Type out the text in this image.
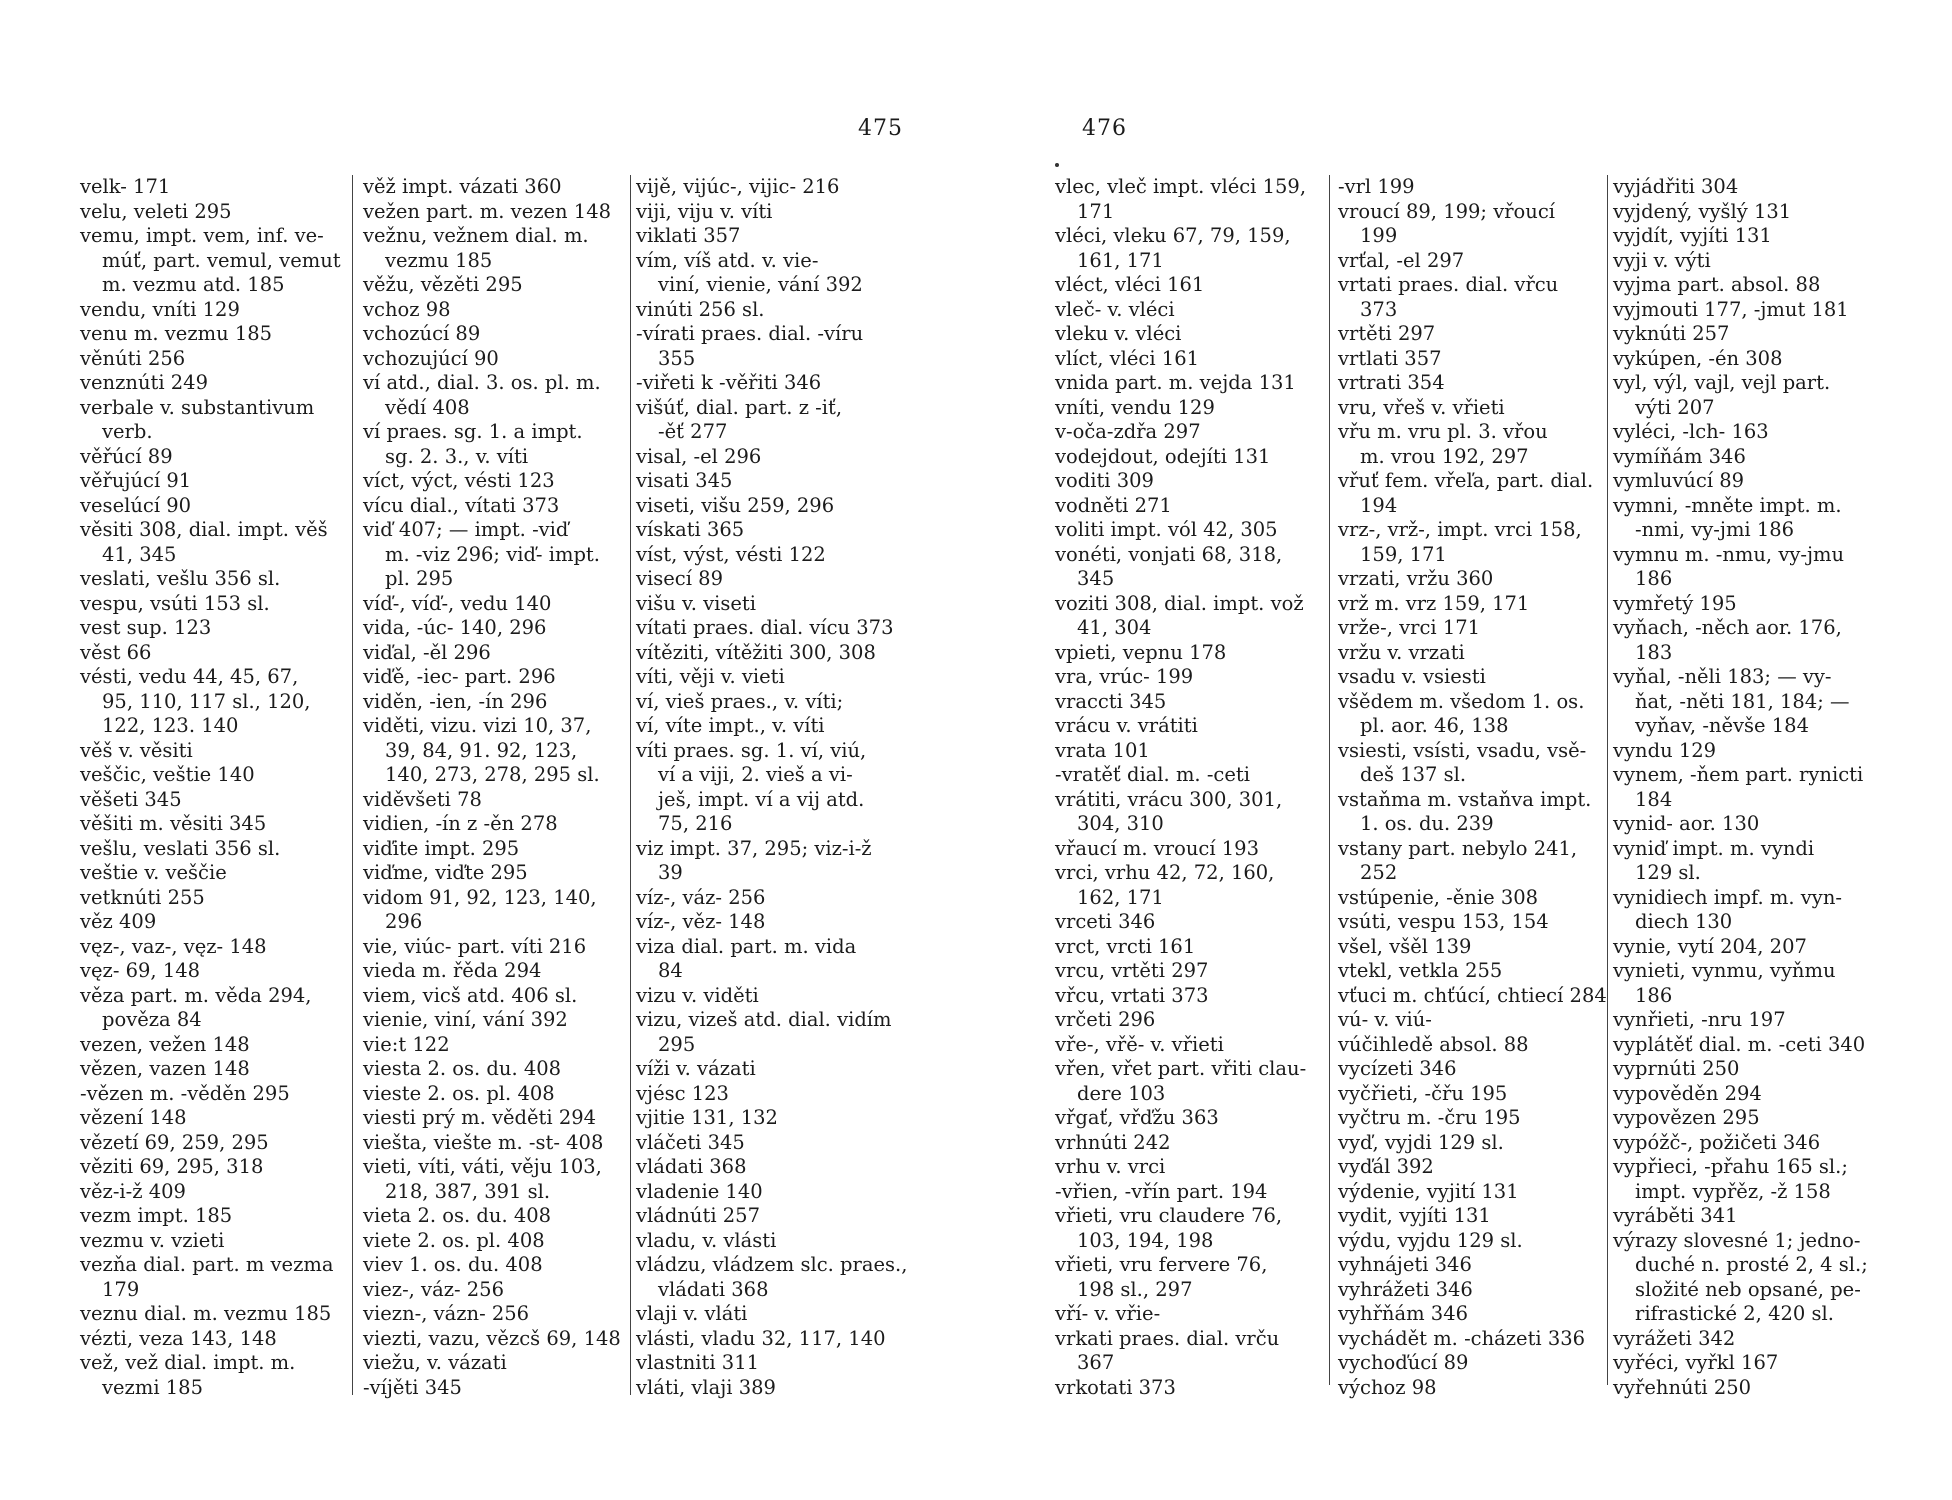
475	476
velk- 171
velu, veleti 295
vemu, impt. vem, inf. ve-
múť, part. vemul, vemut
m. vezmu atd. 185
vendu, vníti 129
venu m. vezmu 185
věnúti 256
venznúti 249
verbale v. substantivum
verb.
věřúcí 89
věřujúcí 91
veselúcí 90
věsiti 308, dial. impt. věš
41, 345
veslati, vešlu 356 sl.
vespu, vsúti 153 sl.
vest sup. 123
věst 66
vésti, vedu 44, 45, 67,
95, 110, 117 sl., 120,
122, 123. 140
věš v. věsiti
veščic, veštie 140
věšeti 345
věšiti m. věsiti 345
vešlu, veslati 356 sl.
veštie v. veščie
vetknúti 255
věz 409
vęz-, vaz-, vęz- 148
vęz- 69, 148
věza part. m. věda 294,
pověza 84
vezen, vežen 148
vězen, vazen 148
-vězen m. -věděn 295
vězení 148
vězetí 69, 259, 295
věziti 69, 295, 318
věz-i-ž 409
vezm impt. 185
vezmu v. vzieti
vezňa dial. part. m vezma
179
veznu dial. m. vezmu 185
vézti, veza 143, 148
vež, vež dial. impt. m.
vezmi 185
věž impt. vázati 360
vežen part. m. vezen 148
vežnu, vežnem dial. m.
vezmu 185
věžu, vězěti 295
vchoz 98
vchozúcí 89
vchozujúcí 90
ví atd., dial. 3. os. pl. m.
vědí 408
ví praes. sg. 1. a impt.
sg. 2. 3., v. víti
víct, výct, vésti 123
vícu dial., vítati 373
viď 407; — impt. -viď
m. -viz 296; viď- impt.
pl. 295
víď-, víď-, vedu 140
vida, -úc- 140, 296
viďal, -ěl 296
viďě, -iec- part. 296
viděn, -ien, -ín 296
viděti, vizu. vizi 10, 37,
39, 84, 91. 92, 123,
140, 273, 278, 295 sl.
viděvšeti 78
vidien, -ín z -ěn 278
viďite impt. 295
viďme, viďte 295
vidom 91, 92, 123, 140,
296
vie, viúc- part. víti 216
vieda m. řěda 294
viem, vicš atd. 406 sl.
vienie, viní, vání 392
vie:t 122
viesta 2. os. du. 408
vieste 2. os. pl. 408
viesti prý m. věděti 294
viešta, viešte m. -st- 408
vieti, víti, váti, věju 103,
218, 387, 391 sl.
vieta 2. os. du. 408
viete 2. os. pl. 408
viev 1. os. du. 408
viez-, váz- 256
viezn-, vázn- 256
viezti, vazu, vězcš 69, 148
viežu, v. vázati
-víjěti 345
vijě, vijúc-, vijic- 216
viji, viju v. víti
viklati 357
vím, víš atd. v. vie-
viní, vienie, vání 392
vinúti 256 sl.
-vírati praes. dial. -víru
355
-viřeti k -věřiti 346
višúť, dial. part. z -iť,
-ěť 277
visal, -el 296
visati 345
viseti, višu 259, 296
vískati 365
víst, výst, vésti 122
visecí 89
višu v. viseti
vítati praes. dial. vícu 373
vítěziti, vítěžiti 300, 308
víti, věji v. vieti
ví, vieš praes., v. víti;
ví, víte impt., v. víti
víti praes. sg. 1. ví, viú,
ví a viji, 2. vieš a vi-
ješ, impt. ví a vij atd.
75, 216
viz impt. 37, 295; viz-i-ž
39
víz-, váz- 256
víz-, věz- 148
viza dial. part. m. vida
84
vizu v. viděti
vizu, vizeš atd. dial. vidím
295
víži v. vázati
vjésc 123
vjitie 131, 132
vláčeti 345
vládati 368
vladenie 140
vládnúti 257
vladu, v. vlásti
vládzu, vládzem slc. praes.,
vládati 368
vlaji v. vláti
vlásti, vladu 32, 117, 140
vlastniti 311
vláti, vlaji 389
vlec, vleč impt. vléci 159,
171
vléci, vleku 67, 79, 159,
161, 171
vléct, vléci 161
vleč- v. vléci
vleku v. vléci
vlíct, vléci 161
vnida part. m. vejda 131
vníti, vendu 129
v-oča-zdřa 297
vodejdout, odejíti 131
voditi 309
vodněti 271
voliti impt. vól 42, 305
vonéti, vonjati 68, 318,
345
voziti 308, dial. impt. vož
41, 304
vpieti, vepnu 178
vra, vrúc- 199
vraccti 345
vrácu v. vrátiti
vrata 101
-vratěť dial. m. -ceti
vrátiti, vrácu 300, 301,
304, 310
vřaucí m. vroucí 193
vrci, vrhu 42, 72, 160,
162, 171
vrceti 346
vrct, vrcti 161
vrcu, vrtěti 297
vřcu, vrtati 373
vrčeti 296
vře-, vřě- v. vřieti
vřen, vřet part. vřiti clau-
dere 103
vřgať, vřďžu 363
vrhnúti 242
vrhu v. vrci
-vřien, -vřín part. 194
vřieti, vru claudere 76,
103, 194, 198
vřieti, vru fervere 76,
198 sl., 297
vří- v. vřie-
vrkati praes. dial. vrču
367
vrkotati 373
-vrl 199
vroucí 89, 199; vřoucí
199
vrťal, -el 297
vrtati praes. dial. vřcu
373
vrtěti 297
vrtlati 357
vrtrati 354
vru, vřeš v. vřieti
vřu m. vru pl. 3. vřou
m. vrou 192, 297
vřuť fem. vřeľa, part. dial.
194
vrz-, vrž-, impt. vrci 158,
159, 171
vrzati, vržu 360
vrž m. vrz 159, 171
vrže-, vrci 171
vržu v. vrzati
vsadu v. vsiesti
všědem m. všedom 1. os.
pl. aor. 46, 138
vsiesti, vsísti, vsadu, vsě-
deš 137 sl.
vstaňma m. vstaňva impt.
1. os. du. 239
vstany part. nebylo 241,
252
vstúpenie, -ěnie 308
vsúti, vespu 153, 154
všel, všěl 139
vtekl, vetkla 255
vťuci m. chťúcí, chtiecí 284
vú- v. viú-
vúčihledě absol. 88
vycízeti 346
vyčřieti, -čřu 195
vyčtru m. -čru 195
vyď, vyjdi 129 sl.
vyďál 392
výdenie, vyjití 131
vydit, vyjíti 131
výdu, vyjdu 129 sl.
vyhnájeti 346
vyhrážeti 346
vyhřňám 346
vychádět m. -cházeti 336
vychoďúcí 89
výchoz 98
vyjádřiti 304
vyjdený, vyšlý 131
vyjdít, vyjíti 131
vyji v. výti
vyjma part. absol. 88
vyjmouti 177, -jmut 181
vyknúti 257
vykúpen, -én 308
vyl, výl, vajl, vejl part.
výti 207
vyléci, -lch- 163
vymíňám 346
vymluvúcí 89
vymni, -mněte impt. m.
-nmi, vy-jmi 186
vymnu m. -nmu, vy-jmu
186
vymřetý 195
vyňach, -něch aor. 176,
183
vyňal, -něli 183; — vy-
ňat, -něti 181, 184; —
vyňav, -něvše 184
vyndu 129
vynem, -ňem part. rynicti
184
vynid- aor. 130
vyniď impt. m. vyndi
129 sl.
vynidiech impf. m. vyn-
diech 130
vynie, vytí 204, 207
vynieti, vynmu, vyňmu
186
vynřieti, -nru 197
vyplátěť dial. m. -ceti 340
vyprnúti 250
vypověděn 294
vypovězen 295
vypóžč-, požičeti 346
vypřieci, -přahu 165 sl.;
impt. vypřěz, -ž 158
vyráběti 341
výrazy slovesné 1; jedno-
duché n. prosté 2, 4 sl.;
složité neb opsané, pe-
rifrastické 2, 420 sl.
vyrážeti 342
vyřéci, vyřkl 167
vyřehnúti 250
